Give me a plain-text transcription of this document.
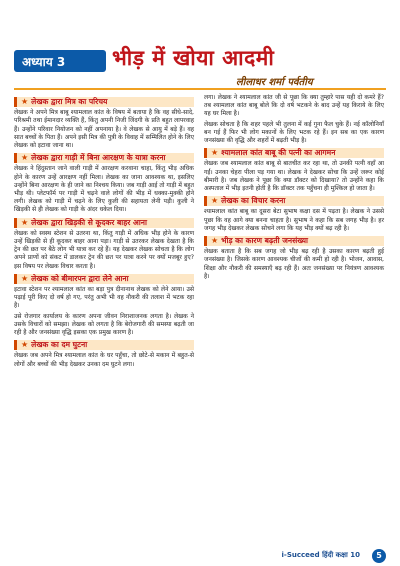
अध्याय 3 भीड़ में खोया आदमी
लीलाधर शर्मा पर्वतीय
★ लेखक द्वारा मित्र का परिचय

लेखक ने अपने मित्र बाबू श्यामलाल कांत के विषय में बताया है कि वह सीधे-सादे, परिश्रमी तथा ईमानदार व्यक्ति हैं, किंतु अपनी निजी जिंदगी के प्रति बहुत लापरवाह हैं। उन्होंने परिवार नियोजन को नहीं अपनाया है। वे लेखक से आयु में बड़े हैं। वह सात बच्चों के पिता हैं। अपने इसी मित्र की पुत्री के विवाह में सम्मिलित होने के लिए लेखक को इटावा जाना था।

★ लेखक द्वारा गाड़ी में बिना आरक्षण के यात्रा करना

लेखक ने हिंदुस्तान जाने वाली गाड़ी में आरक्षण करवाना चाहा, किंतु भीड़ अधिक होने के कारण उन्हें आरक्षण नहीं मिला। लेखक का जाना आवश्यक था, इसलिए उन्होंने बिना आरक्षण के ही जाने का निश्चय किया। जब गाड़ी आई तो गाड़ी में बहुत भीड़ थी। प्लेटफॉर्म पर गाड़ी में चढ़ने वाले लोगों की भीड़ में धक्का-मुक्की होने लगी। लेखक को गाड़ी में चढ़ने के लिए कुली की सहायता लेनी पड़ी। कुली ने खिड़की से ही लेखक को गाड़ी के अंदर धकेल दिया।

★ लेखक द्वारा खिड़की से कूदकर बाहर आना

लेखक को स्वस्थ स्टेशन से उतरना था, किंतु गाड़ी में अधिक भीड़ होने के कारण उन्हें खिड़की से ही कूदकर बाहर आना पड़ा। गाड़ी से उतरकर लेखक देखता है कि ट्रेन की छत पर बैठे लोग भी यात्रा कर रहे हैं। यह देखकर लेखक सोचता है कि लोग अपने प्राणों को संकट में डालकर ट्रेन की छत पर यात्रा करने पर क्यों मजबूर हुए? इस विषय पर लेखक विचार करता है।

★ लेखक को बीमारपन द्वारा लेने आना

इटावा स्टेशन पर श्यामलाल कांत का बड़ा पुत्र दीनानाथ लेखक को लेने आया। उसे पढ़ाई पूरी किए दो वर्ष हो गए, परंतु अभी भी वह नौकरी की तलाश में भटक रहा है।

उसे रोजगार कार्यालय के कारण अपना जीवन निराशाजनक लगता है। लेखक ने उसके विचारों को समझा। लेखक को लगता है कि बेरोजगारी की समस्या बढ़ती जा रही है और जनसंख्या वृद्धि इसका एक प्रमुख कारण है।

★ लेखक का दम घुटना

लेखक जब अपने मित्र श्यामलाल कांत के घर पहुँचा, तो छोटे-से मकान में बहुत-से लोगों और बच्चों की भीड़ देखकर उनका दम घुटने लगा।

लगा। लेखक ने श्यामलाल कांत जी से पूछा कि क्या तुम्हारे पास यही दो कमरे हैं? तब श्यामलाल कांत बाबू बोले कि दो वर्ष भटकने के बाद उन्हें यह किराये के लिए यह घर मिला है।

लेखक सोचता है कि शहर पहले भी तुलना में कई गुना फैल चुके हैं। नई कॉलोनियाँ बन गई हैं फिर भी लोग मकानों के लिए भटक रहे हैं। इन सब का एक कारण जनसंख्या की वृद्धि और शहरों में बढ़ती भीड़ है।

★ श्यामलाल कांत बाबू की पत्नी का आगमन

लेखक जब श्यामलाल कांत बाबू से बातचीत कर रहा था, तो उनकी पत्नी वहाँ आ गईं। उनका चेहरा पीला पड़ गया था। लेखक ने देखकर सोचा कि उन्हें जरूर कोई बीमारी है। जब लेखक ने पूछा कि क्या डॉक्टर को दिखाया? तो उन्होंने कहा कि अस्पताल में भीड़ इतनी होती है कि डॉक्टर तक पहुँचना ही मुश्किल हो जाता है।

★ लेखक का विचार करना

श्यामलाल कांत बाबू का दूसरा बेटा सुभाष कक्षा दस में पढ़ता है। लेखक ने उससे पूछा कि वह आगे क्या बनना चाहता है। सुभाष ने कहा कि सब जगह भीड़ है। हर जगह भीड़ देखकर लेखक सोचने लगा कि यह भीड़ क्यों बढ़ रही है।

★ भीड़ का कारण बढ़ती जनसंख्या

लेखक बताता है कि सब जगह जो भीड़ बढ़ रही है उसका कारण बढ़ती हुई जनसंख्या है। जिसके कारण आवश्यक चीजों की कमी हो रही है। भोजन, आवास, शिक्षा और नौकरी की समस्याएँ बढ़ रही हैं। अतः जनसंख्या पर नियंत्रण आवश्यक है।

i-Succeed हिंदी कक्षा 10	5
